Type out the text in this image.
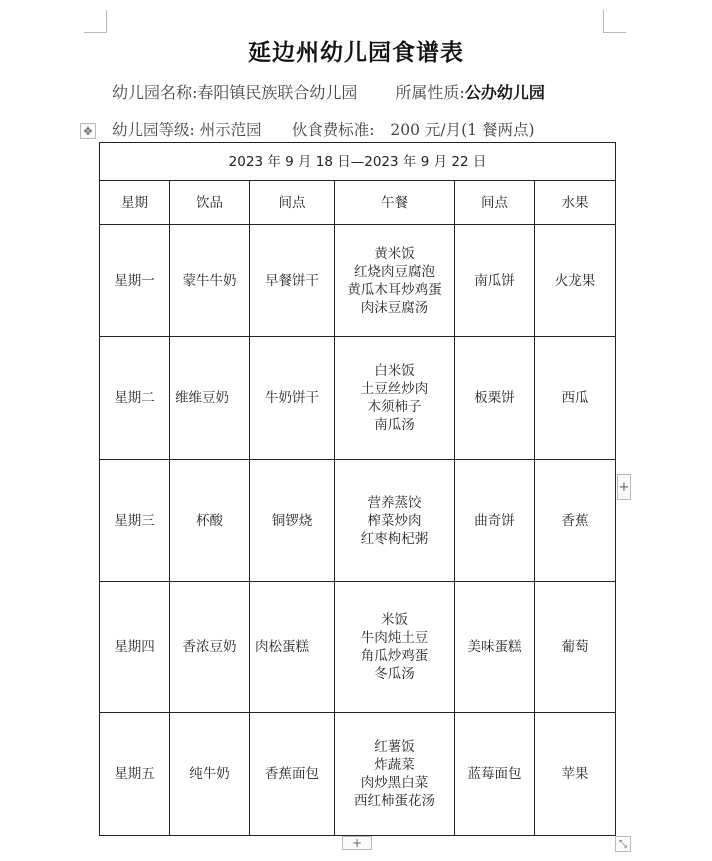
延边州幼儿园食谱表
幼儿园名称:春阳镇民族联合幼儿园 所属性质:公办幼儿园
幼儿园等级: 州示范园 伙食费标准: 200 元/月(1 餐两点)
✥
2023 年 9 月 18 日—2023 年 9 月 22 日					
星期	饮品	间点	午餐	间点	水果
星期一	蒙牛牛奶	早餐饼干	黄米饭
红烧肉豆腐泡
黄瓜木耳炒鸡蛋
肉沫豆腐汤	南瓜饼	火龙果
星期二	维维豆奶	牛奶饼干	白米饭
土豆丝炒肉
木须柿子
南瓜汤	板栗饼	西瓜
星期三	杯酸	铜锣烧	营养蒸饺
榨菜炒肉
红枣枸杞粥	曲奇饼	香蕉
星期四	香浓豆奶	肉松蛋糕	米饭
牛肉炖土豆
角瓜炒鸡蛋
冬瓜汤	美味蛋糕	葡萄
星期五	纯牛奶	香蕉面包	红薯饭
炸蔬菜
肉炒黑白菜
西红柿蛋花汤	蓝莓面包	苹果
+
+	⤡
